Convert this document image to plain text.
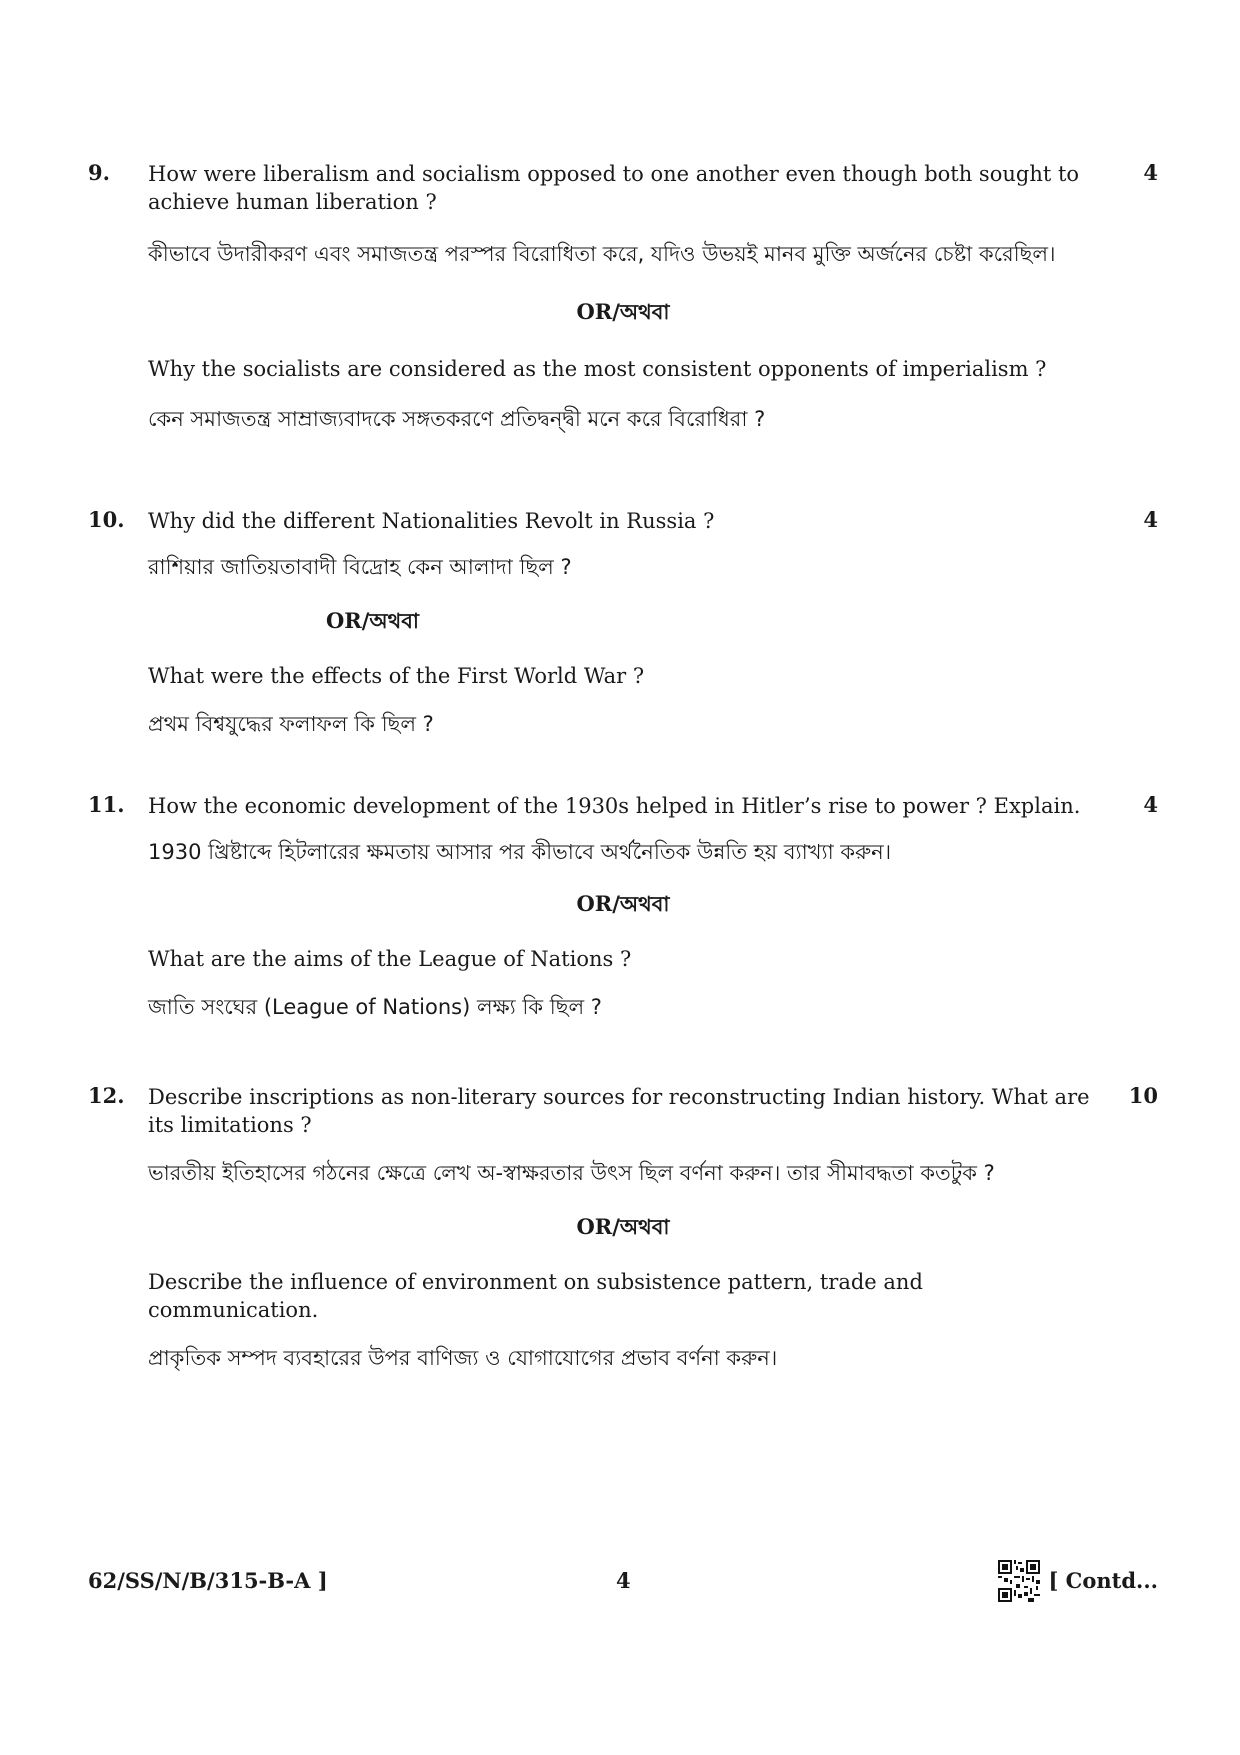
9. How were liberalism and socialism opposed to one another even though both sought to achieve human liberation ?
4
কীভাবে উদারীকরণ এবং সমাজতন্ত্র পরস্পর বিরোধিতা করে, যদিও উভয়ই মানব মুক্তি অর্জনের চেষ্টা করেছিল।
OR/অথবা
Why the socialists are considered as the most consistent opponents of imperialism ?
কেন সমাজতন্ত্র সাম্রাজ্যবাদকে সঙ্গতকরণে প্রতিদ্বন্দ্বী মনে করে বিরোধিরা ?
10. Why did the different Nationalities Revolt in Russia ?	4
রাশিয়ার জাতিয়তাবাদী বিদ্রোহ কেন আলাদা ছিল ?
OR/অথবা
What were the effects of the First World War ?
প্রথম বিশ্বযুদ্ধের ফলাফল কি ছিল ?
11. How the economic development of the 1930s helped in Hitler’s rise to power ? Explain.	4
1930 খ্রিষ্টাব্দে হিটলারের ক্ষমতায় আসার পর কীভাবে অর্থনৈতিক উন্নতি হয় ব্যাখ্যা করুন।
OR/অথবা
What are the aims of the League of Nations ?
জাতি সংঘের (League of Nations) লক্ষ্য কি ছিল ?
12. Describe inscriptions as non-literary sources for reconstructing Indian history. What are its limitations ?
10
ভারতীয় ইতিহাসের গঠনের ক্ষেত্রে লেখ অ-স্বাক্ষরতার উৎস ছিল বর্ণনা করুন। তার সীমাবদ্ধতা কতটুক ?
OR/অথবা
Describe the influence of environment on subsistence pattern, trade and communication.
প্রাকৃতিক সম্পদ ব্যবহারের উপর বাণিজ্য ও যোগাযোগের প্রভাব বর্ণনা করুন।
62/SS/N/B/315-B-A ]	4	[ Contd...
